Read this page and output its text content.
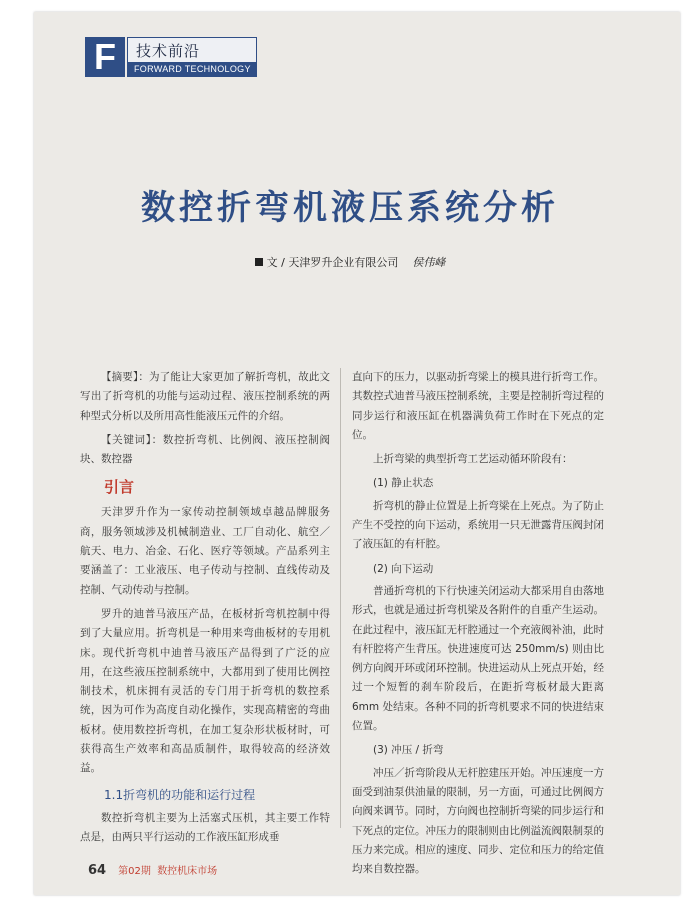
F	技术前沿
FORWARD TECHNOLOGY
数控折弯机液压系统分析
文 / 天津罗升企业有限公司 侯伟峰

【摘要】：为了能让大家更加了解折弯机，故此文写出了折弯机的功能与运动过程、液压控制系统的两种型式分析以及所用高性能液压元件的介绍。

【关键词】：数控折弯机、比例阀、液压控制阀块、数控器

引言

天津罗升作为一家传动控制领域卓越品牌服务商，服务领域涉及机械制造业、工厂自动化、航空／航天、电力、冶金、石化、医疗等领域。产品系列主要涵盖了：工业液压、电子传动与控制、直线传动及控制、气动传动与控制。

罗升的迪普马液压产品，在板材折弯机控制中得到了大量应用。折弯机是一种用来弯曲板材的专用机床。现代折弯机中迪普马液压产品得到了广泛的应用，在这些液压控制系统中，大都用到了使用比例控制技术，机床拥有灵活的专门用于折弯机的数控系统，因为可作为高度自动化操作，实现高精密的弯曲板材。使用数控折弯机，在加工复杂形状板材时，可获得高生产效率和高品质制件，取得较高的经济效益。

1.1折弯机的功能和运行过程

数控折弯机主要为上活塞式压机，其主要工作特点是，由两只平行运动的工作液压缸形成垂

直向下的压力，以驱动折弯梁上的模具进行折弯工作。其数控式迪普马液压控制系统，主要是控制折弯过程的同步运行和液压缸在机器满负荷工作时在下死点的定位。

上折弯梁的典型折弯工艺运动循环阶段有：

(1) 静止状态

折弯机的静止位置是上折弯梁在上死点。为了防止产生不受控的向下运动，系统用一只无泄露背压阀封闭了液压缸的有杆腔。

(2) 向下运动

普通折弯机的下行快速关闭运动大都采用自由落地形式，也就是通过折弯机梁及各附件的自重产生运动。在此过程中，液压缸无杆腔通过一个充液阀补油，此时有杆腔将产生背压。快进速度可达 250mm/s) 则由比例方向阀开环或闭环控制。快进运动从上死点开始，经过一个短暂的刹车阶段后，在距折弯板材最大距离 6mm 处结束。各种不同的折弯机要求不同的快进结束位置。

(3) 冲压 / 折弯

冲压／折弯阶段从无杆腔建压开始。冲压速度一方面受到油泵供油量的限制，另一方面，可通过比例阀方向阀来调节。同时，方向阀也控制折弯梁的同步运行和下死点的定位。冲压力的限制则由比例溢流阀限制泵的压力来完成。相应的速度、同步、定位和压力的给定值均来自数控器。

64 第02期 数控机床市场
